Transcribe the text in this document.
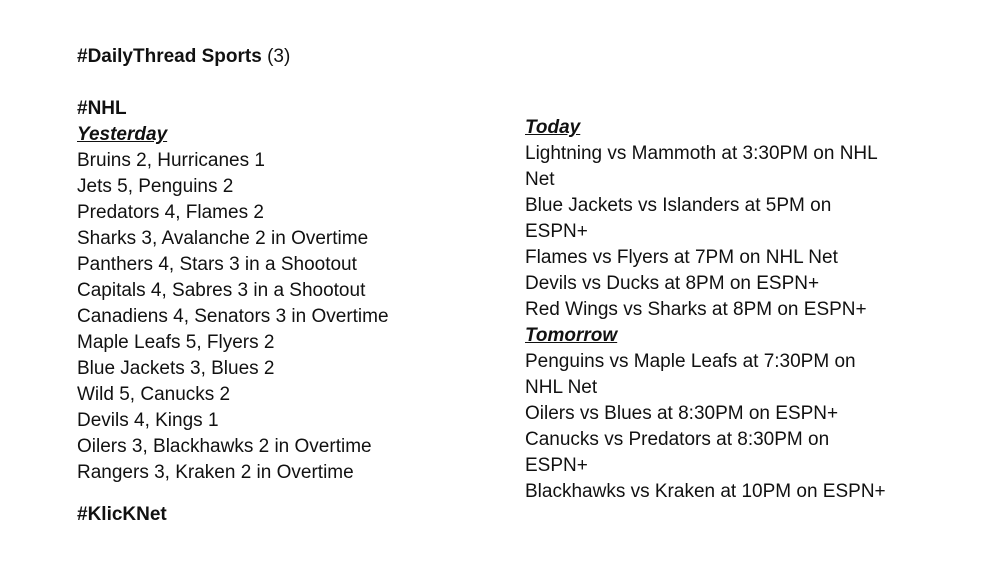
#DailyThread Sports (3)
#NHL
Yesterday
Bruins 2, Hurricanes 1
Jets 5, Penguins 2
Predators 4, Flames 2
Sharks 3, Avalanche 2 in Overtime
Panthers 4, Stars 3 in a Shootout
Capitals 4, Sabres 3 in a Shootout
Canadiens 4, Senators 3 in Overtime
Maple Leafs 5, Flyers 2
Blue Jackets 3, Blues 2
Wild 5, Canucks 2
Devils 4, Kings 1
Oilers 3, Blackhawks 2 in Overtime
Rangers 3, Kraken 2 in Overtime
Today
Lightning vs Mammoth at 3:30PM on NHL Net
Blue Jackets vs Islanders at 5PM on ESPN+
Flames vs Flyers at 7PM on NHL Net
Devils vs Ducks at 8PM on ESPN+
Red Wings vs Sharks at 8PM on ESPN+
Tomorrow
Penguins vs Maple Leafs at 7:30PM on NHL Net
Oilers vs Blues at 8:30PM on ESPN+
Canucks vs Predators at 8:30PM on ESPN+
Blackhawks vs Kraken at 10PM on ESPN+
#KlicKNet
